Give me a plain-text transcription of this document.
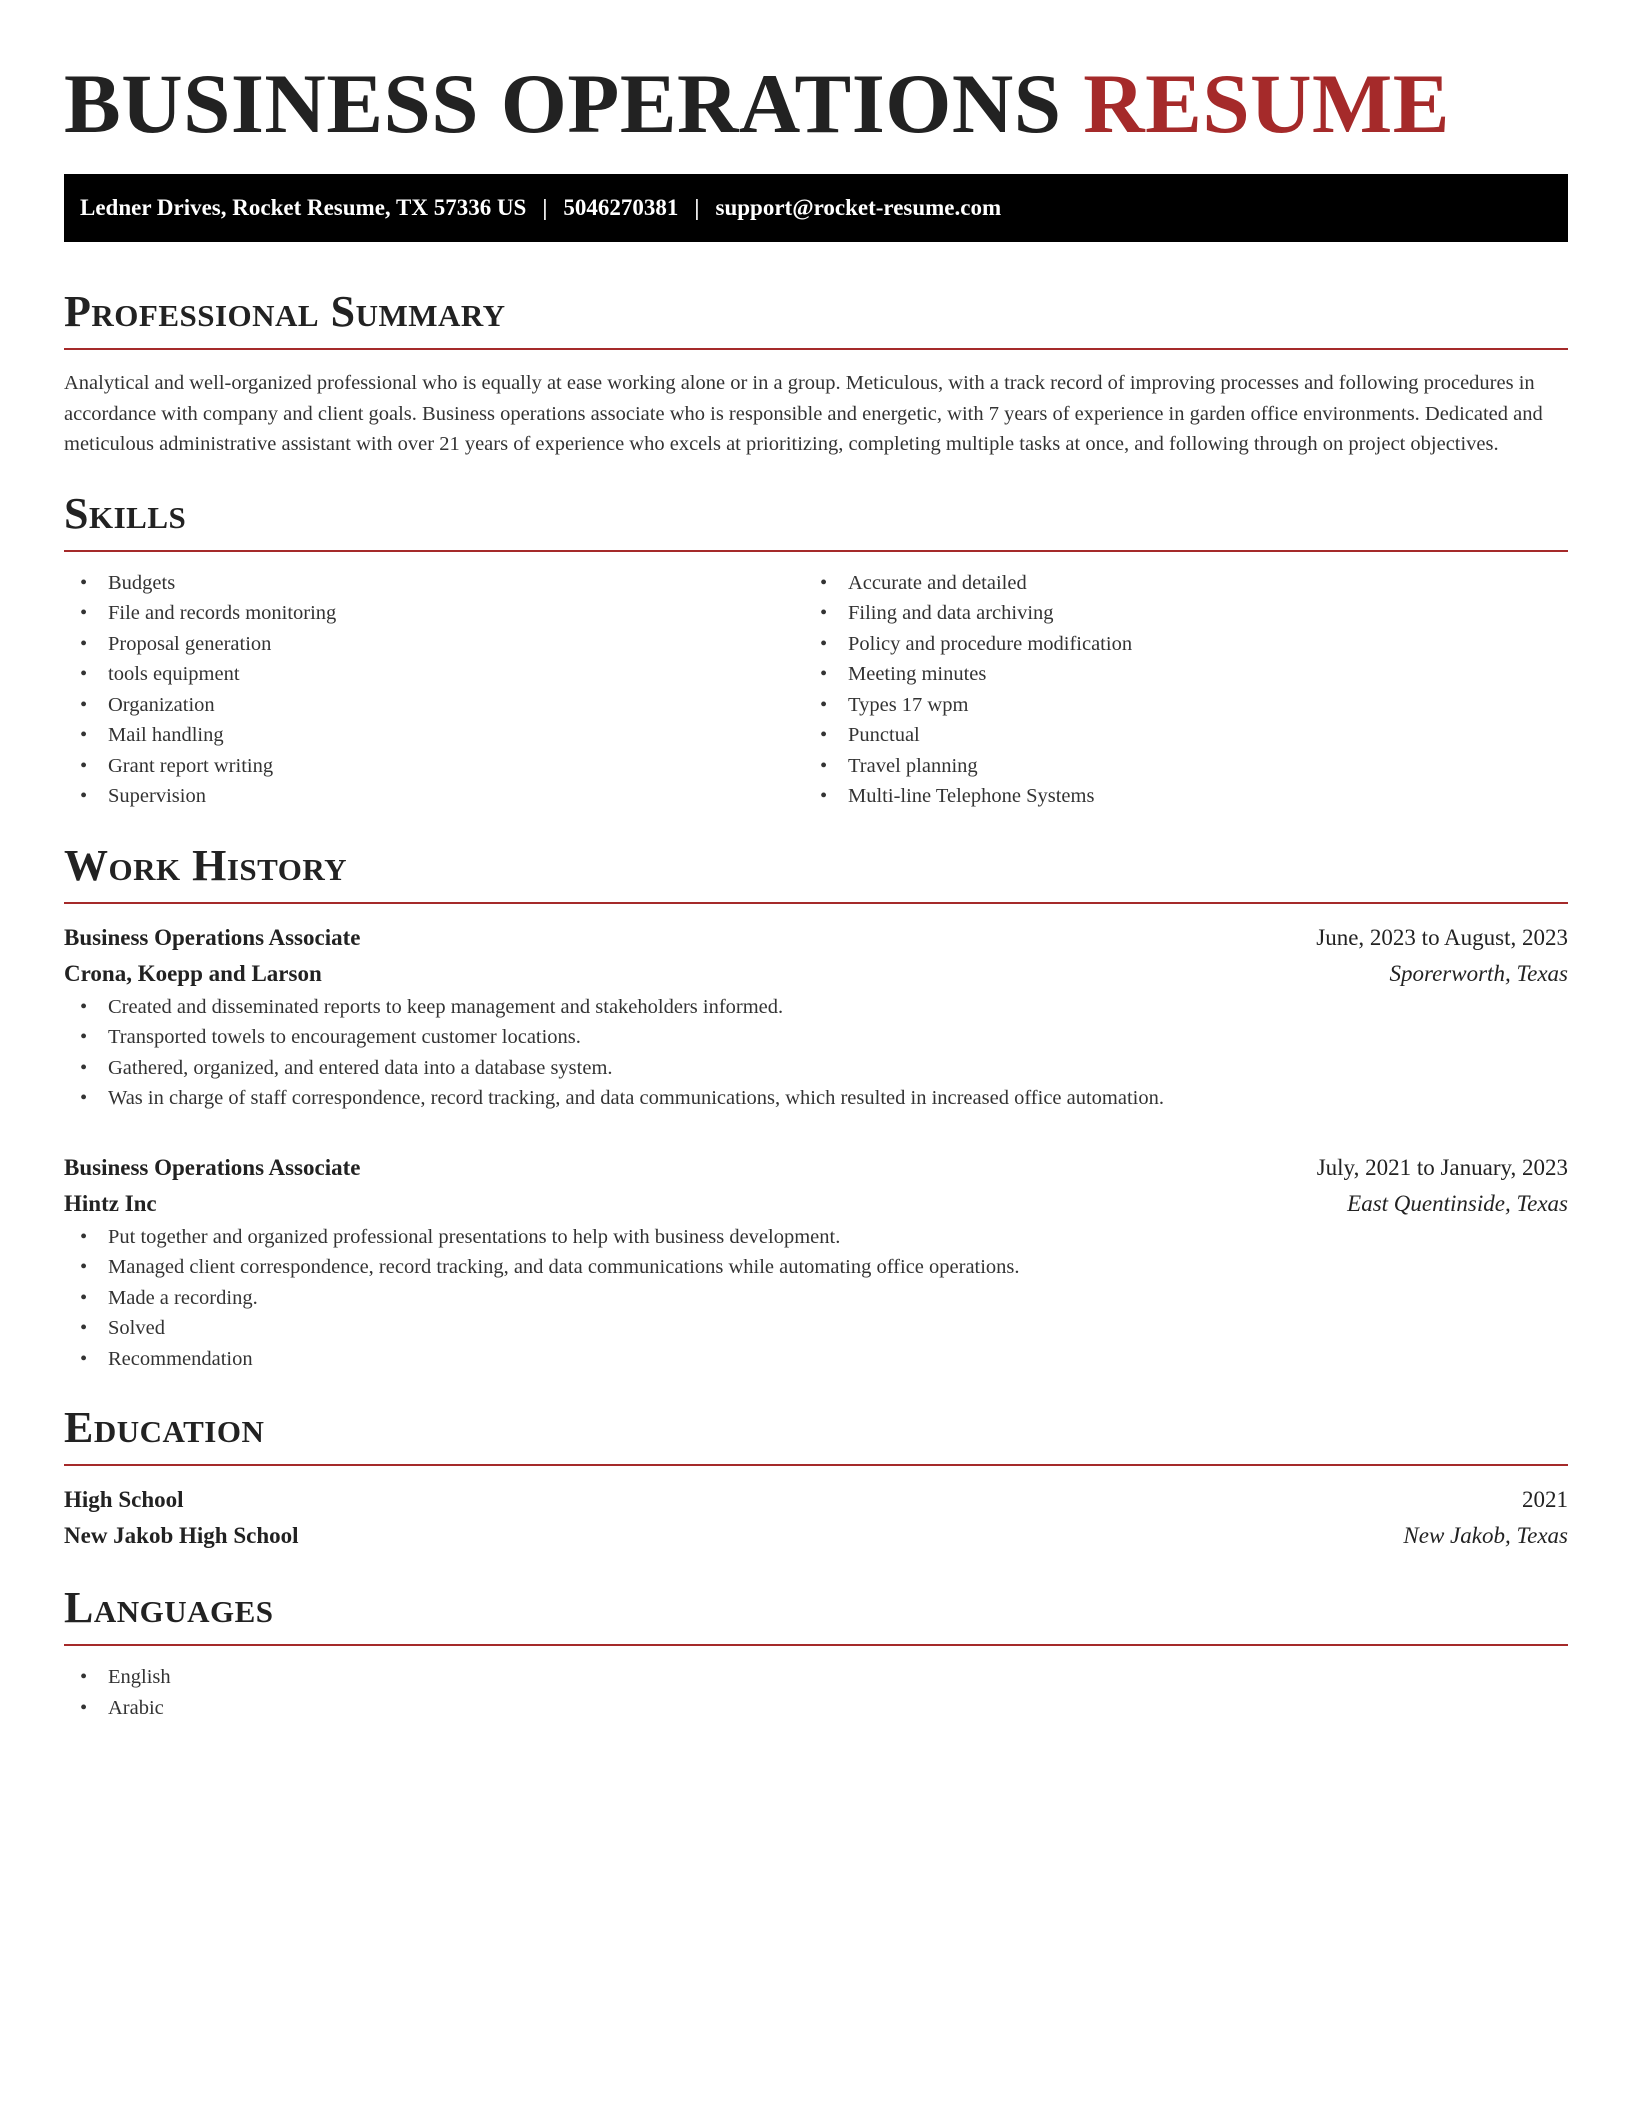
BUSINESS OPERATIONS RESUME
Ledner Drives, Rocket Resume, TX 57336 US | 5046270381 | support@rocket-resume.com
Professional Summary

Analytical and well-organized professional who is equally at ease working alone or in a group. Meticulous, with a track record of improving processes and following procedures in accordance with company and client goals. Business operations associate who is responsible and energetic, with 7 years of experience in garden office environments. Dedicated and meticulous administrative assistant with over 21 years of experience who excels at prioritizing, completing multiple tasks at once, and following through on project objectives.

Skills
• Budgets
• File and records monitoring
• Proposal generation
• tools equipment
• Organization
• Mail handling
• Grant report writing
• Supervision
• Accurate and detailed
• Filing and data archiving
• Policy and procedure modification
• Meeting minutes
• Types 17 wpm
• Punctual
• Travel planning
• Multi-line Telephone Systems
Work History
Business Operations Associate	June, 2023 to August, 2023
Crona, Koepp and Larson	Sporerworth, Texas
• Created and disseminated reports to keep management and stakeholders informed.
• Transported towels to encouragement customer locations.
• Gathered, organized, and entered data into a database system.
• Was in charge of staff correspondence, record tracking, and data communications, which resulted in increased office automation.
Business Operations Associate	July, 2021 to January, 2023
Hintz Inc	East Quentinside, Texas
• Put together and organized professional presentations to help with business development.
• Managed client correspondence, record tracking, and data communications while automating office operations.
• Made a recording.
• Solved
• Recommendation
Education
High School	2021
New Jakob High School	New Jakob, Texas
Languages
• English
• Arabic
